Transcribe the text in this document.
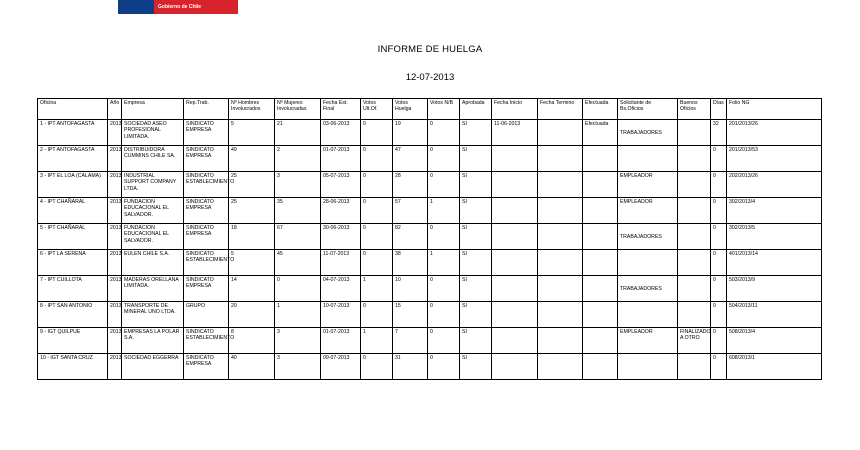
Gobierno de Chile
INFORME DE HUELGA
12-07-2013
Oficina	Año	Empresa	Rep.Trab.	Nº Hombres Involucrados	Nº Mujeres Involucradas	Fecha Est. Final	Votos Ult.Of.	Votos Huelga	Votos N/B	Aprobada	Fecha Inicio	Fecha Termino	Efectuada	Solicitante de Bs.Oficios	Buenos Oficios	Días	Folio NG
1 - IPT ANTOFAGASTA	2013	SOCIEDAD ASEO PROFESIONAL LIMITADA.	SINDICATO EMPRESA	5	21	03-06-2013	0	19	0	SI	11-06-2013		Efectuada	TRABAJADORES		32	201/2013/26
2 - IPT ANTOFAGASTA	2013	DISTRIBUIDORA CUMMINS CHILE SA.	SINDICATO EMPRESA	49	2	01-07-2013	0	47	0	SI						0	201/2013/53
3 - IPT EL LOA (CALAMA)	2013	INDUSTRIAL SUPPORT COMPANY LTDA.	SINDICATO ESTABLECIMIENTO	25	3	05-07-2013	0	28	0	SI				EMPLEADOR		0	202/2013/26
4 - IPT CHAÑARAL	2013	FUNDACION EDUCACIONAL EL SALVADOR.	SINDICATO EMPRESA	25	35	28-06-2013	0	57	1	SI				EMPLEADOR		0	302/2013/4
5 - IPT CHAÑARAL	2013	FUNDACION EDUCACIONAL EL SALVADOR.	SINDICATO EMPRESA	18	67	30-06-2013	0	82	0	SI				TRABAJADORES		0	302/2013/5
6 - IPT LA SERENA	2013	EULEN CHILE S.A.	SINDICATO ESTABLECIMIENTO	5	45	11-07-2013	0	38	1	SI						0	401/2013/14
7 - IPT CUILLOTA	2013	MADERAS ORELLANA LIMITADA.	SINDICATO EMPRESA	14	0	04-07-2013	1	10	0	SI				TRABAJADORES		0	503/2013/9
8 - IPT SAN ANTONIO	2013	TRANSPORTE DE MINERAL UNO LTDA.	GRUPO	20	1	10-07-2013	0	15	0	SI						0	504/2013/11
9 - IGT QUILPUE	2013	EMPRESAS LA POLAR S.A.	SINDICATO ESTABLECIMIENTO	8	3	01-07-2013	1	7	0	SI				EMPLEADOR	FINALIZADO A OTRO	0	508/2013/4
10 - IGT SANTA CRUZ	2013	SOCIEDAD EGGERRA	SINDICATO EMPRESA	40	3	09-07-2013	0	31	0	SI						0	608/2013/1
